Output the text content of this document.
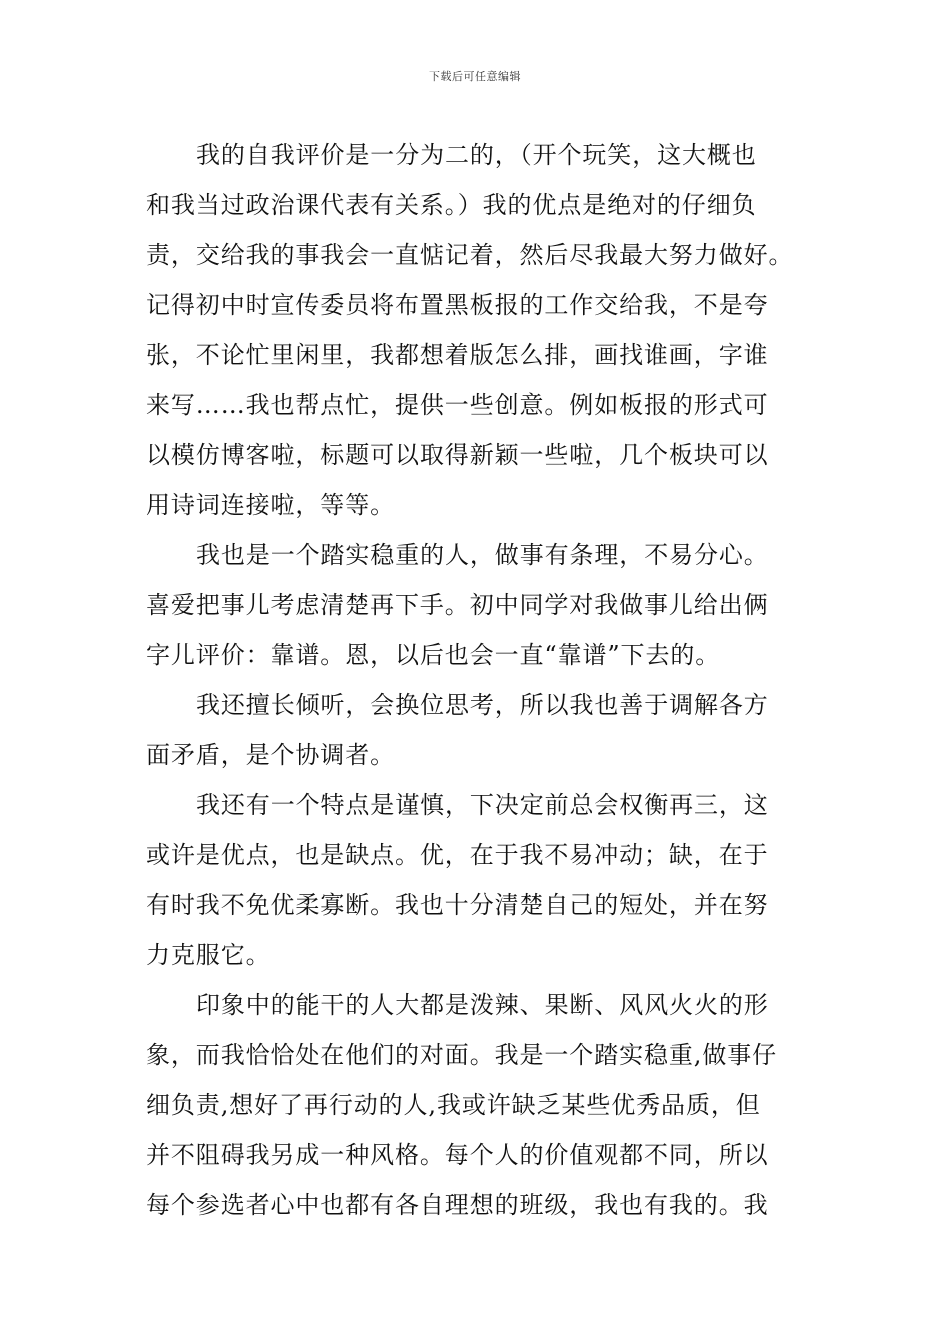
下载后可任意编辑
我的自我评价是一分为二的，（开个玩笑，这大概也
和我当过政治课代表有关系。）我的优点是绝对的仔细负
责，交给我的事我会一直惦记着，然后尽我最大努力做好。
记得初中时宣传委员将布置黑板报的工作交给我，不是夸
张，不论忙里闲里，我都想着版怎么排，画找谁画，字谁
来写……我也帮点忙，提供一些创意。例如板报的形式可
以模仿博客啦，标题可以取得新颖一些啦，几个板块可以
用诗词连接啦，等等。
我也是一个踏实稳重的人，做事有条理，不易分心。
喜爱把事儿考虑清楚再下手。初中同学对我做事儿给出俩
字儿评价：靠谱。恩，以后也会一直“靠谱”下去的。
我还擅长倾听，会换位思考，所以我也善于调解各方
面矛盾，是个协调者。
我还有一个特点是谨慎，下决定前总会权衡再三，这
或许是优点，也是缺点。优，在于我不易冲动；缺，在于
有时我不免优柔寡断。我也十分清楚自己的短处，并在努
力克服它。
印象中的能干的人大都是泼辣、果断、风风火火的形
象，而我恰恰处在他们的对面。我是一个踏实稳重,做事仔
细负责,想好了再行动的人,我或许缺乏某些优秀品质，但
并不阻碍我另成一种风格。每个人的价值观都不同，所以
每个参选者心中也都有各自理想的班级，我也有我的。我
